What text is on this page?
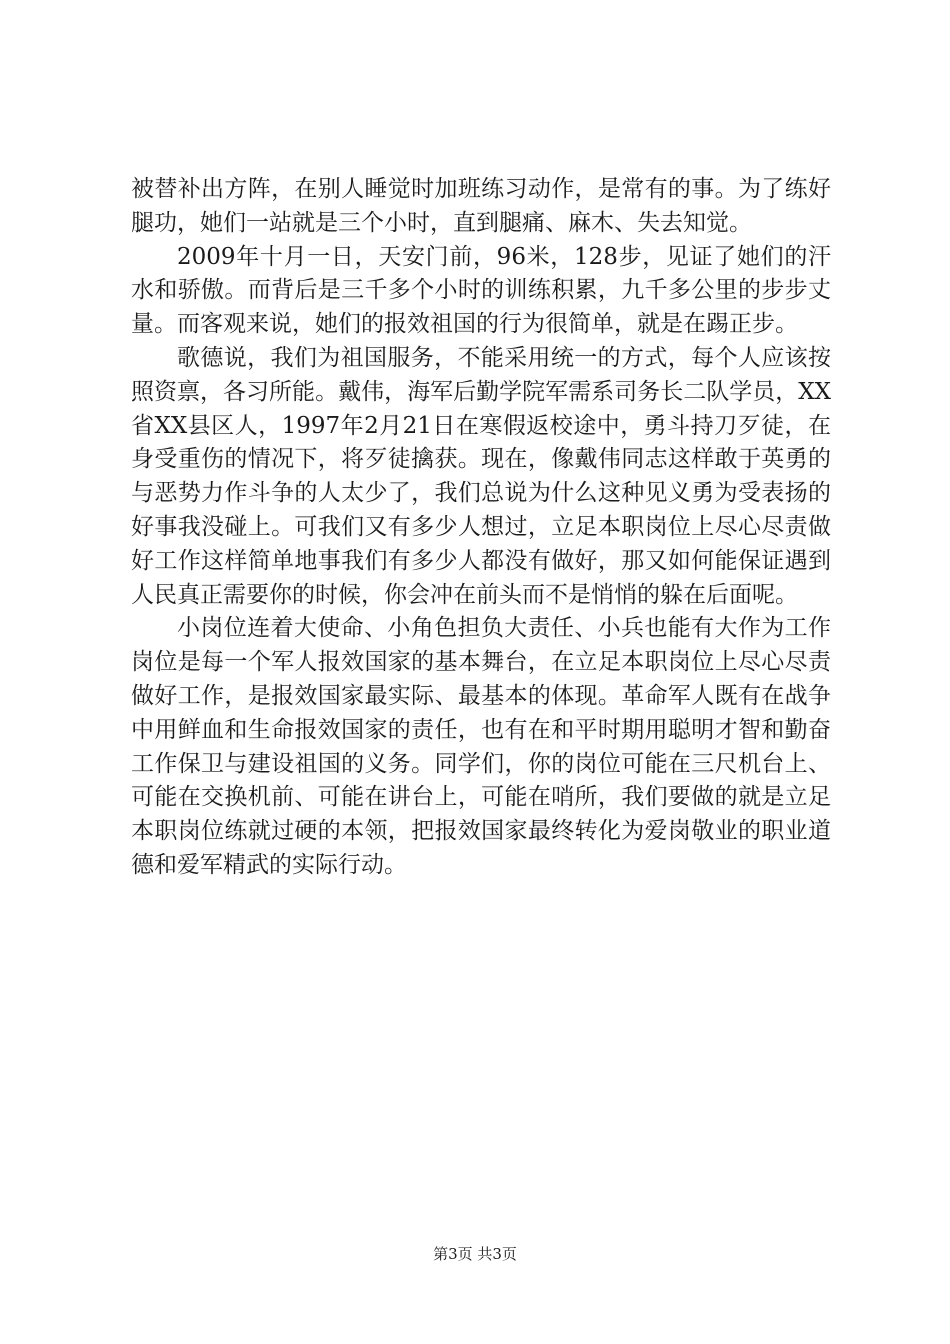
被替补出方阵，在别人睡觉时加班练习动作，是常有的事。为了练好腿功，她们一站就是三个小时，直到腿痛、麻木、失去知觉。

2009年十月一日，天安门前，96米，128步，见证了她们的汗水和骄傲。而背后是三千多个小时的训练积累，九千多公里的步步丈量。而客观来说，她们的报效祖国的行为很简单，就是在踢正步。

歌德说，我们为祖国服务，不能采用统一的方式，每个人应该按照资禀，各习所能。戴伟，海军后勤学院军需系司务长二队学员，XX省XX县区人，1997年2月21日在寒假返校途中，勇斗持刀歹徒，在身受重伤的情况下，将歹徒擒获。现在，像戴伟同志这样敢于英勇的与恶势力作斗争的人太少了，我们总说为什么这种见义勇为受表扬的好事我没碰上。可我们又有多少人想过，立足本职岗位上尽心尽责做好工作这样简单地事我们有多少人都没有做好，那又如何能保证遇到人民真正需要你的时候，你会冲在前头而不是悄悄的躲在后面呢。

小岗位连着大使命、小角色担负大责任、小兵也能有大作为工作岗位是每一个军人报效国家的基本舞台，在立足本职岗位上尽心尽责做好工作，是报效国家最实际、最基本的体现。革命军人既有在战争中用鲜血和生命报效国家的责任，也有在和平时期用聪明才智和勤奋工作保卫与建设祖国的义务。同学们，你的岗位可能在三尺机台上、可能在交换机前、可能在讲台上，可能在哨所，我们要做的就是立足本职岗位练就过硬的本领，把报效国家最终转化为爱岗敬业的职业道德和爱军精武的实际行动。

第3页 共3页
